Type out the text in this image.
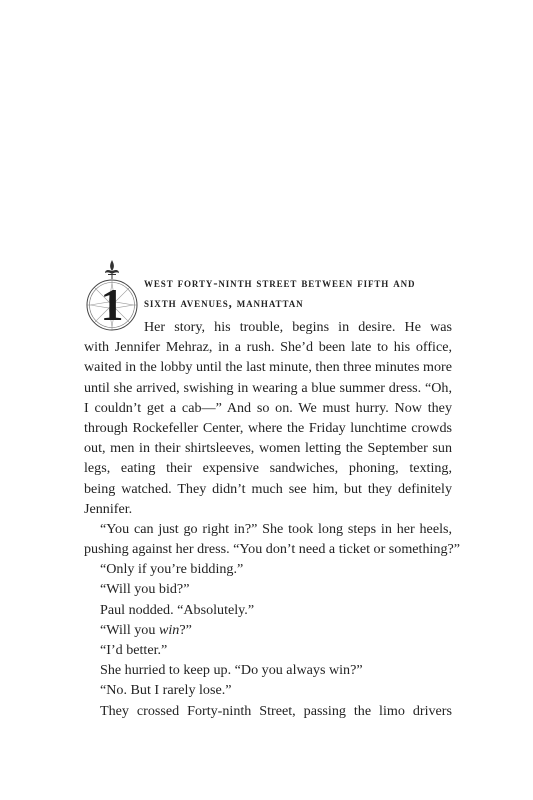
1	west forty-ninth street between fifth and
sixth avenues, manhattan
Her story, his trouble, begins in desire. He was
with Jennifer Mehraz, in a rush. She’d been late to his office,
waited in the lobby until the last minute, then three minutes more
until she arrived, swishing in wearing a blue summer dress. “Oh,
I couldn’t get a cab—” And so on. We must hurry. Now they
through Rockefeller Center, where the Friday lunchtime crowds
out, men in their shirtsleeves, women letting the September sun
legs, eating their expensive sandwiches, phoning, texting,
being watched. They didn’t much see him, but they definitely
Jennifer.
“You can just go right in?” She took long steps in her heels,
pushing against her dress. “You don’t need a ticket or something?”
“Only if you’re bidding.”
“Will you bid?”
Paul nodded. “Absolutely.”
“Will you win?”
“I’d better.”
She hurried to keep up. “Do you always win?”
“No. But I rarely lose.”
They crossed Forty-ninth Street, passing the limo drivers
